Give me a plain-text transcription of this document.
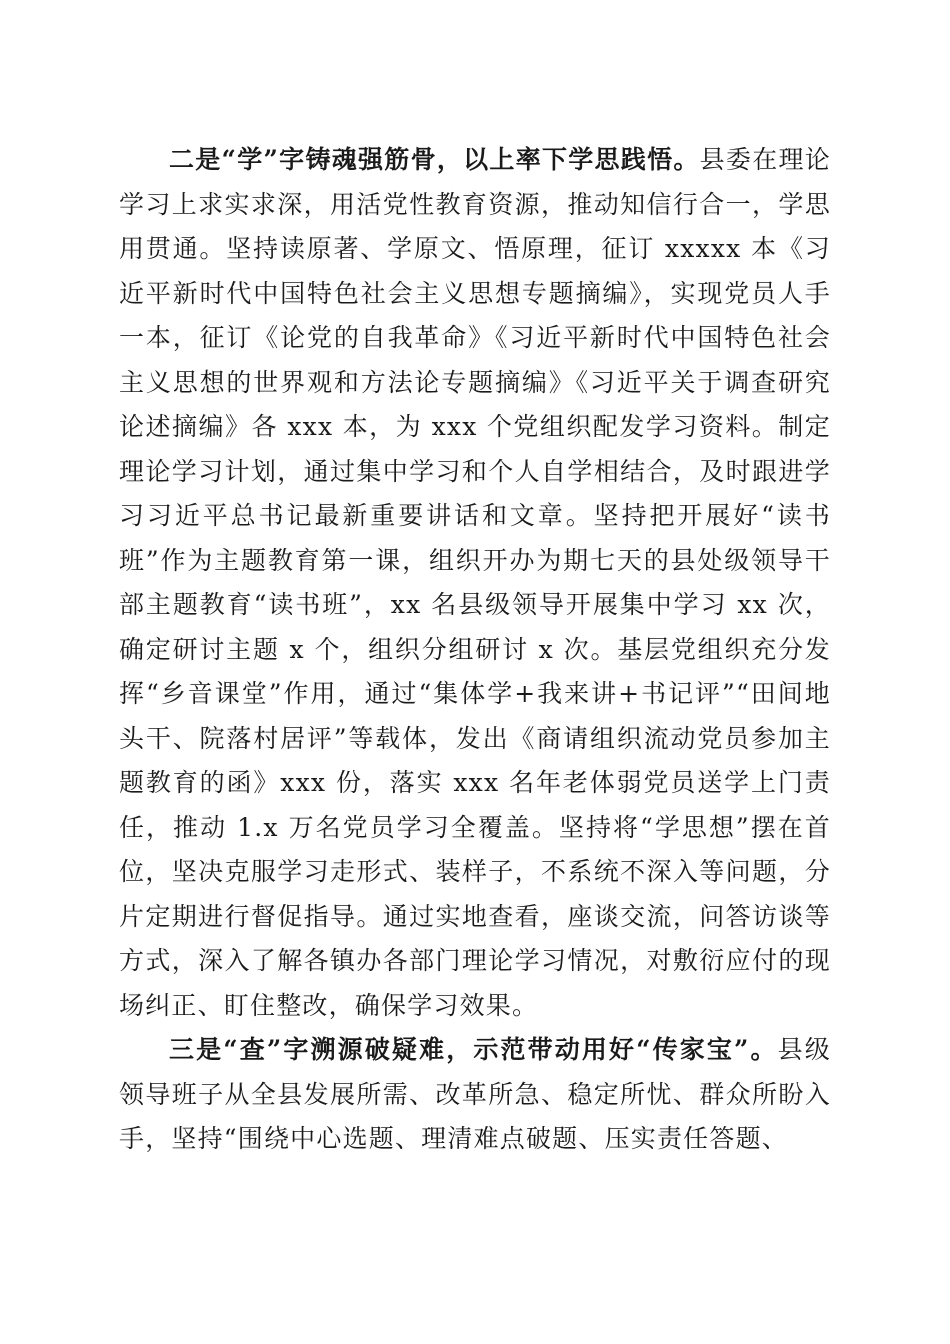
二是“学”字铸魂强筋骨，以上率下学思践悟。县委在理论学习上求实求深，用活党性教育资源，推动知信行合一，学思用贯通。坚持读原著、学原文、悟原理，征订 xxxxx 本《习近平新时代中国特色社会主义思想专题摘编》，实现党员人手一本，征订《论党的自我革命》《习近平新时代中国特色社会主义思想的世界观和方法论专题摘编》《习近平关于调查研究论述摘编》各 xxx 本，为 xxx 个党组织配发学习资料。制定理论学习计划，通过集中学习和个人自学相结合，及时跟进学习习近平总书记最新重要讲话和文章。坚持把开展好“读书班”作为主题教育第一课，组织开办为期七天的县处级领导干部主题教育“读书班”，xx 名县级领导开展集中学习 xx 次，确定研讨主题 x 个，组织分组研讨 x 次。基层党组织充分发挥“乡音课堂”作用，通过“集体学+我来讲+书记评”“田间地头干、院落村居评”等载体，发出《商请组织流动党员参加主题教育的函》xxx 份，落实 xxx 名年老体弱党员送学上门责任，推动 1.x 万名党员学习全覆盖。坚持将“学思想”摆在首位，坚决克服学习走形式、装样子，不系统不深入等问题，分片定期进行督促指导。通过实地查看，座谈交流，问答访谈等方式，深入了解各镇办各部门理论学习情况，对敷衍应付的现场纠正、盯住整改，确保学习效果。

三是“查”字溯源破疑难，示范带动用好“传家宝”。县级领导班子从全县发展所需、改革所急、稳定所忧、群众所盼入手，坚持“围绕中心选题、理清难点破题、压实责任答题、
